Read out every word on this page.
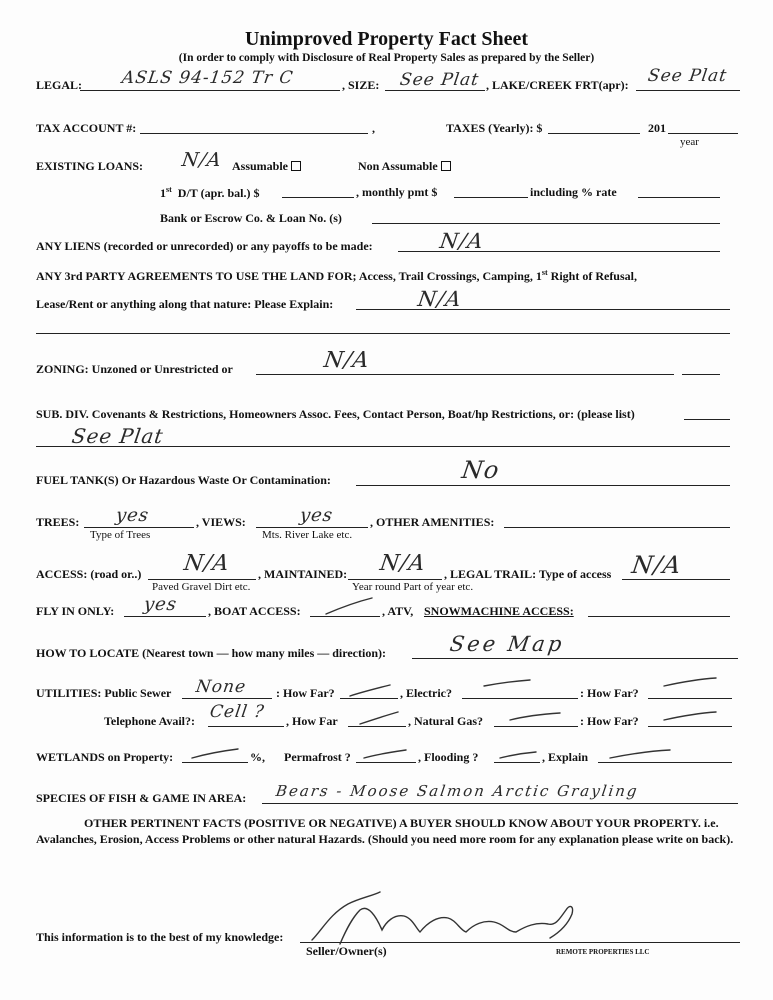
Unimproved Property Fact Sheet
(In order to comply with Disclosure of Real Property Sales as prepared by the Seller)
LEGAL: ASLS 94-152 Tr C	, SIZE: See Plat , LAKE/CREEK FRT(apr): See Plat
TAX ACCOUNT #:	,	TAXES (Yearly): $	201
year
EXISTING LOANS: N/A Assumable	Non Assumable
1st D/T (apr. bal.) $	, monthly pmt $	including % rate
Bank or Escrow Co. & Loan No. (s)
ANY LIENS (recorded or unrecorded) or any payoffs to be made:	N/A
ANY 3rd PARTY AGREEMENTS TO USE THE LAND FOR; Access, Trail Crossings, Camping, 1st Right of Refusal,
Lease/Rent or anything along that nature: Please Explain:	N/A
ZONING: Unzoned or Unrestricted or	N/A
SUB. DIV. Covenants & Restrictions, Homeowners Assoc. Fees, Contact Person, Boat/hp Restrictions, or: (please list)
See Plat
FUEL TANK(S) Or Hazardous Waste Or Contamination:	No
TREES: yes
Type of Trees
, VIEWS:	yes
Mts. River Lake etc.
, OTHER AMENITIES:
ACCESS: (road or..) N/A
Paved Gravel Dirt etc.
, MAINTAINED: N/A
Year round Part of year etc.
, LEGAL TRAIL: Type of access N/A
FLY IN ONLY: yes , BOAT ACCESS:	, ATV, SNOWMACHINE ACCESS:
HOW TO LOCATE (Nearest town — how many miles — direction):	See Map
UTILITIES: Public Sewer None : How Far?	, Electric?	: How Far?
Telephone Avail?: Cell ? , How Far	, Natural Gas?	: How Far?
WETLANDS on Property:	%, Permafrost ?	, Flooding ?	, Explain
SPECIES OF FISH & GAME IN AREA: Bears - Moose Salmon Arctic Grayling
OTHER PERTINENT FACTS (POSITIVE OR NEGATIVE) A BUYER SHOULD KNOW ABOUT YOUR PROPERTY. i.e. Avalanches, Erosion, Access Problems or other natural Hazards. (Should you need more room for any explanation please write on back).
This information is to the best of my knowledge:
Seller/Owner(s)	REMOTE PROPERTIES LLC
